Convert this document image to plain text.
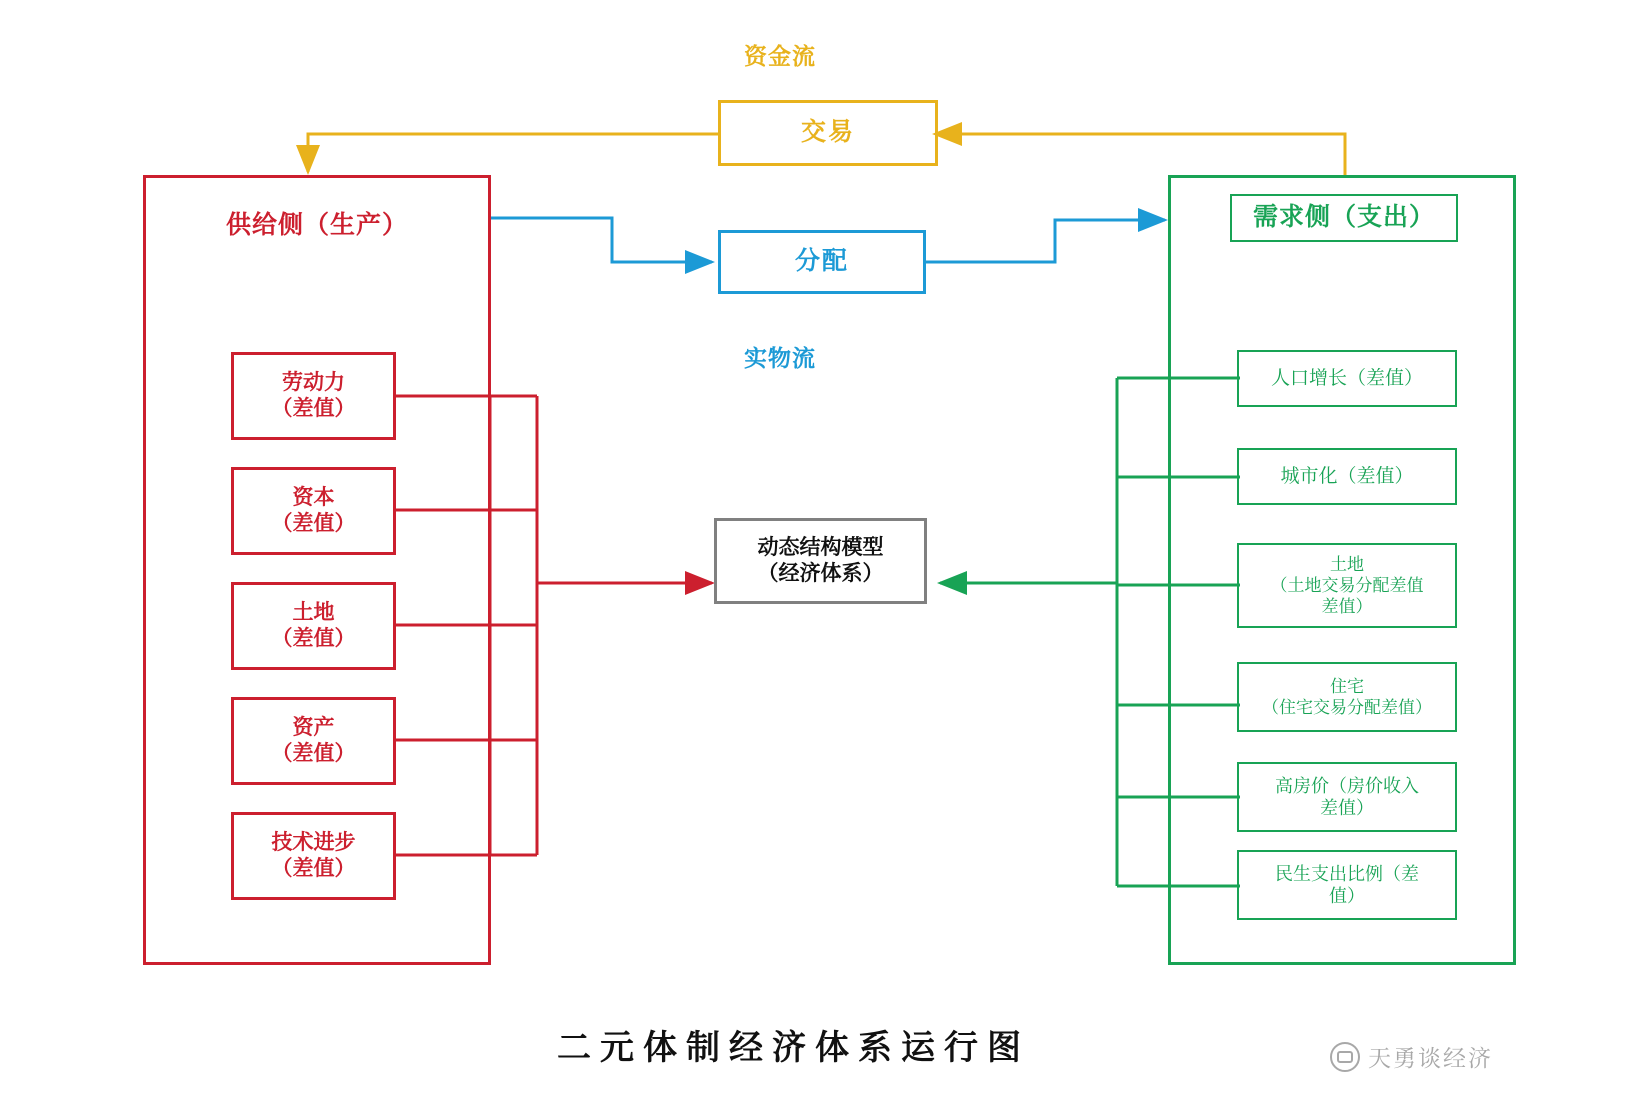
资金流
实物流
交易
分配
供给侧（生产）
劳动力
（差值）
资本
（差值）
土地
（差值）
资产
（差值）
技术进步
（差值）
动态结构模型
（经济体系）
需求侧（支出）
人口增长（差值）
城市化（差值）
土地
（土地交易分配差值
差值）
住宅
（住宅交易分配差值）
高房价（房价收入
差值）
民生支出比例（差
值）
二元体制经济体系运行图	天勇谈经济
